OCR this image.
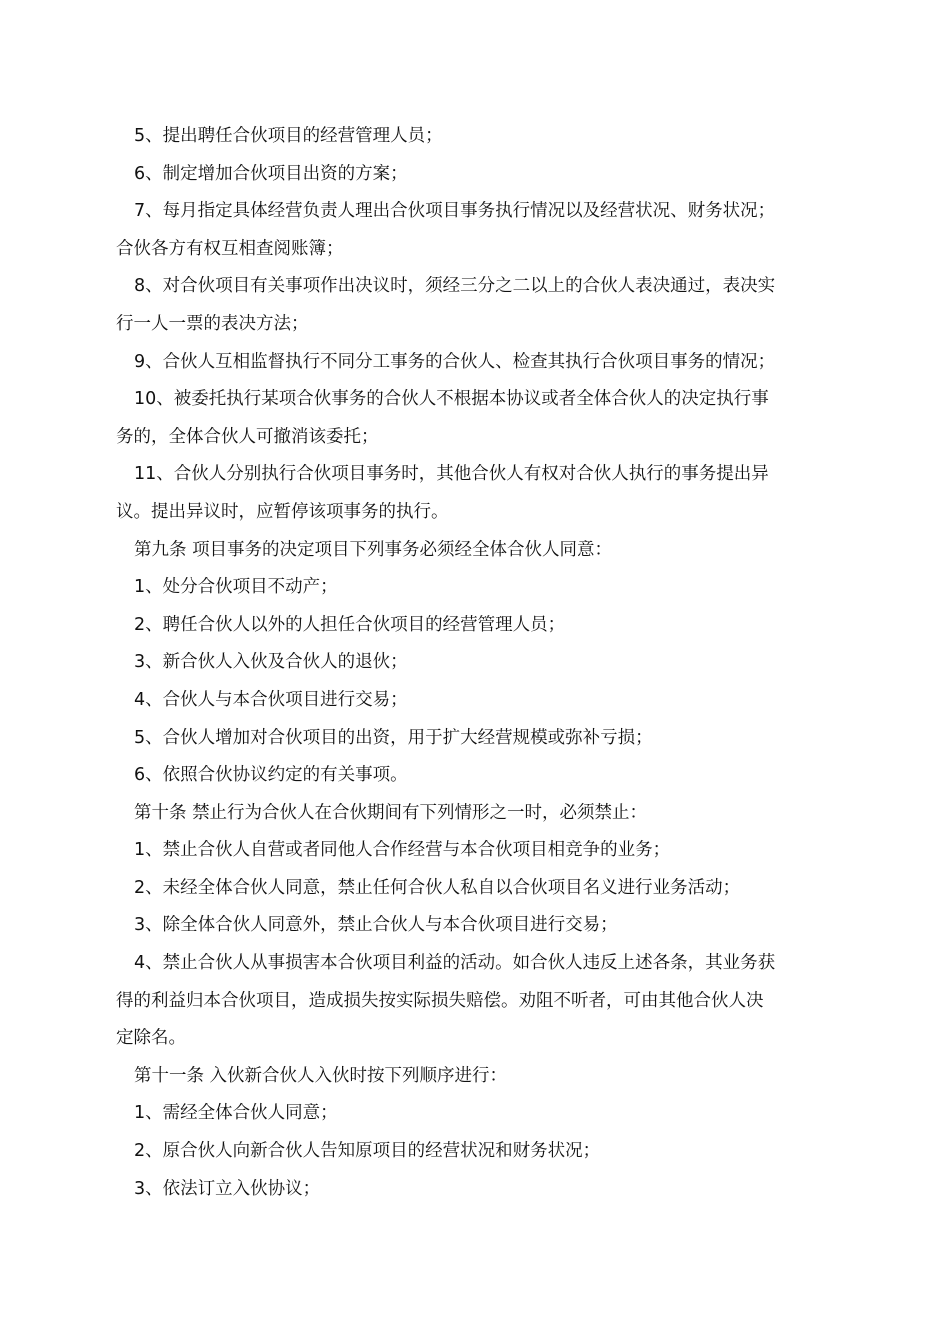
5、提出聘任合伙项目的经营管理人员；
6、制定增加合伙项目出资的方案；
7、每月指定具体经营负责人理出合伙项目事务执行情况以及经营状况、财务状况；
合伙各方有权互相查阅账簿；
8、对合伙项目有关事项作出决议时，须经三分之二以上的合伙人表决通过，表决实
行一人一票的表决方法；
9、合伙人互相监督执行不同分工事务的合伙人、检查其执行合伙项目事务的情况；
10、被委托执行某项合伙事务的合伙人不根据本协议或者全体合伙人的决定执行事
务的，全体合伙人可撤消该委托；
11、合伙人分别执行合伙项目事务时，其他合伙人有权对合伙人执行的事务提出异
议。提出异议时，应暂停该项事务的执行。
第九条 项目事务的决定项目下列事务必须经全体合伙人同意：
1、处分合伙项目不动产；
2、聘任合伙人以外的人担任合伙项目的经营管理人员；
3、新合伙人入伙及合伙人的退伙；
4、合伙人与本合伙项目进行交易；
5、合伙人增加对合伙项目的出资，用于扩大经营规模或弥补亏损；
6、依照合伙协议约定的有关事项。
第十条 禁止行为合伙人在合伙期间有下列情形之一时，必须禁止：
1、禁止合伙人自营或者同他人合作经营与本合伙项目相竞争的业务；
2、未经全体合伙人同意，禁止任何合伙人私自以合伙项目名义进行业务活动；
3、除全体合伙人同意外，禁止合伙人与本合伙项目进行交易；
4、禁止合伙人从事损害本合伙项目利益的活动。如合伙人违反上述各条，其业务获
得的利益归本合伙项目，造成损失按实际损失赔偿。劝阻不听者，可由其他合伙人决
定除名。
第十一条 入伙新合伙人入伙时按下列顺序进行：
1、需经全体合伙人同意；
2、原合伙人向新合伙人告知原项目的经营状况和财务状况；
3、依法订立入伙协议；
